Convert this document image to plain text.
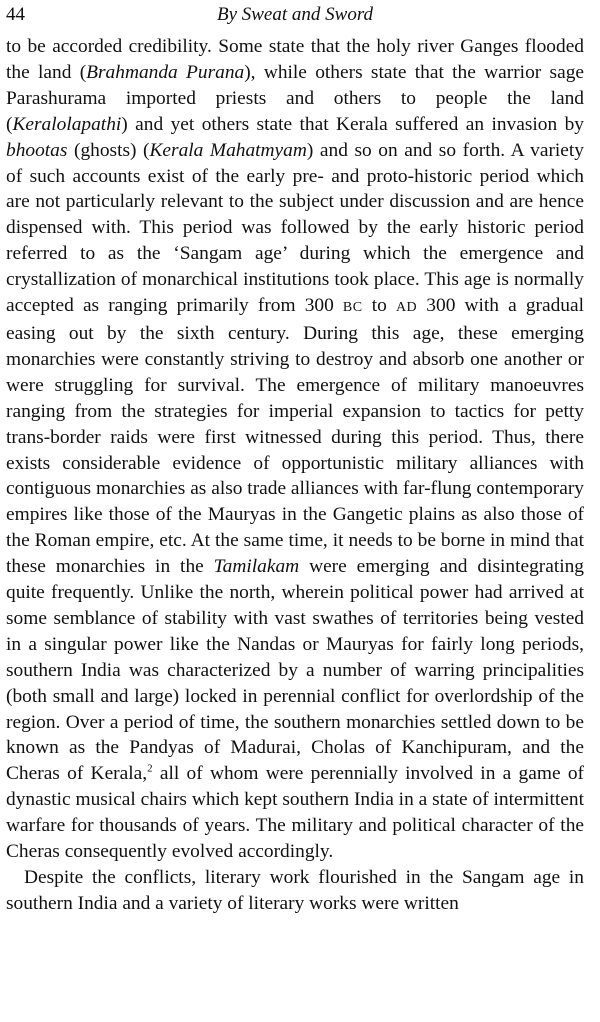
44	By Sweat and Sword

to be accorded credibility. Some state that the holy river Ganges flooded the land (Brahmanda Purana), while others state that the warrior sage Parashurama imported priests and others to people the land (Keralolapathi) and yet others state that Kerala suffered an invasion by bhootas (ghosts) (Kerala Mahatmyam) and so on and so forth. A variety of such accounts exist of the early pre- and proto-historic period which are not particularly relevant to the subject under discussion and are hence dispensed with. This period was followed by the early historic period referred to as the ‘Sangam age’ during which the emergence and crystallization of monarchical institutions took place. This age is normally accepted as ranging primarily from 300 BC to AD 300 with a gradual easing out by the sixth century. During this age, these emerging monarchies were constantly striving to destroy and absorb one another or were struggling for survival. The emergence of military manoeuvres ranging from the strategies for imperial expansion to tactics for petty trans-border raids were first witnessed during this period. Thus, there exists considerable evidence of opportunistic military alliances with contiguous monarchies as also trade alliances with far-flung contemporary empires like those of the Mauryas in the Gangetic plains as also those of the Roman empire, etc. At the same time, it needs to be borne in mind that these monarchies in the Tamilakam were emerging and disintegrating quite frequently. Unlike the north, wherein political power had arrived at some semblance of stability with vast swathes of territories being vested in a singular power like the Nandas or Mauryas for fairly long periods, southern India was characterized by a number of warring principalities (both small and large) locked in perennial conflict for overlordship of the region. Over a period of time, the southern monarchies settled down to be known as the Pandyas of Madurai, Cholas of Kanchipuram, and the Cheras of Kerala,$^2$ all of whom were perennially involved in a game of dynastic musical chairs which kept southern India in a state of intermittent warfare for thousands of years. The military and political character of the Cheras consequently evolved accordingly.

Despite the conflicts, literary work flourished in the Sangam age in southern India and a variety of literary works were written
